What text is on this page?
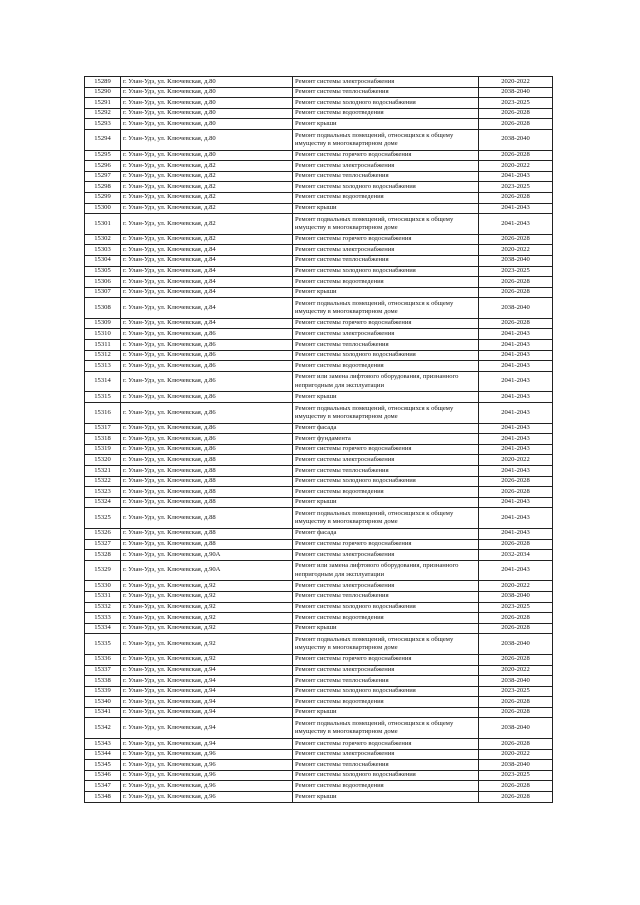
15289	г. Улан-Удэ, ул. Ключевская, д.80	Ремонт системы электроснабжения	2020-2022
15290	г. Улан-Удэ, ул. Ключевская, д.80	Ремонт системы теплоснабжения	2038-2040
15291	г. Улан-Удэ, ул. Ключевская, д.80	Ремонт системы холодного водоснабжения	2023-2025
15292	г. Улан-Удэ, ул. Ключевская, д.80	Ремонт системы водоотведения	2026-2028
15293	г. Улан-Удэ, ул. Ключевская, д.80	Ремонт крыши	2026-2028
15294	г. Улан-Удэ, ул. Ключевская, д.80	Ремонт подвальных помещений, относящихся к общему имуществу в многоквартирном доме	2038-2040
15295	г. Улан-Удэ, ул. Ключевская, д.80	Ремонт системы горячего водоснабжения	2026-2028
15296	г. Улан-Удэ, ул. Ключевская, д.82	Ремонт системы электроснабжения	2020-2022
15297	г. Улан-Удэ, ул. Ключевская, д.82	Ремонт системы теплоснабжения	2041-2043
15298	г. Улан-Удэ, ул. Ключевская, д.82	Ремонт системы холодного водоснабжения	2023-2025
15299	г. Улан-Удэ, ул. Ключевская, д.82	Ремонт системы водоотведения	2026-2028
15300	г. Улан-Удэ, ул. Ключевская, д.82	Ремонт крыши	2041-2043
15301	г. Улан-Удэ, ул. Ключевская, д.82	Ремонт подвальных помещений, относящихся к общему имуществу в многоквартирном доме	2041-2043
15302	г. Улан-Удэ, ул. Ключевская, д.82	Ремонт системы горячего водоснабжения	2026-2028
15303	г. Улан-Удэ, ул. Ключевская, д.84	Ремонт системы электроснабжения	2020-2022
15304	г. Улан-Удэ, ул. Ключевская, д.84	Ремонт системы теплоснабжения	2038-2040
15305	г. Улан-Удэ, ул. Ключевская, д.84	Ремонт системы холодного водоснабжения	2023-2025
15306	г. Улан-Удэ, ул. Ключевская, д.84	Ремонт системы водоотведения	2026-2028
15307	г. Улан-Удэ, ул. Ключевская, д.84	Ремонт крыши	2026-2028
15308	г. Улан-Удэ, ул. Ключевская, д.84	Ремонт подвальных помещений, относящихся к общему имуществу в многоквартирном доме	2038-2040
15309	г. Улан-Удэ, ул. Ключевская, д.84	Ремонт системы горячего водоснабжения	2026-2028
15310	г. Улан-Удэ, ул. Ключевская, д.86	Ремонт системы электроснабжения	2041-2043
15311	г. Улан-Удэ, ул. Ключевская, д.86	Ремонт системы теплоснабжения	2041-2043
15312	г. Улан-Удэ, ул. Ключевская, д.86	Ремонт системы холодного водоснабжения	2041-2043
15313	г. Улан-Удэ, ул. Ключевская, д.86	Ремонт системы водоотведения	2041-2043
15314	г. Улан-Удэ, ул. Ключевская, д.86	Ремонт или замена лифтового оборудования, признанного непригодным для эксплуатации	2041-2043
15315	г. Улан-Удэ, ул. Ключевская, д.86	Ремонт крыши	2041-2043
15316	г. Улан-Удэ, ул. Ключевская, д.86	Ремонт подвальных помещений, относящихся к общему имуществу в многоквартирном доме	2041-2043
15317	г. Улан-Удэ, ул. Ключевская, д.86	Ремонт фасада	2041-2043
15318	г. Улан-Удэ, ул. Ключевская, д.86	Ремонт фундамента	2041-2043
15319	г. Улан-Удэ, ул. Ключевская, д.86	Ремонт системы горячего водоснабжения	2041-2043
15320	г. Улан-Удэ, ул. Ключевская, д.88	Ремонт системы электроснабжения	2020-2022
15321	г. Улан-Удэ, ул. Ключевская, д.88	Ремонт системы теплоснабжения	2041-2043
15322	г. Улан-Удэ, ул. Ключевская, д.88	Ремонт системы холодного водоснабжения	2026-2028
15323	г. Улан-Удэ, ул. Ключевская, д.88	Ремонт системы водоотведения	2026-2028
15324	г. Улан-Удэ, ул. Ключевская, д.88	Ремонт крыши	2041-2043
15325	г. Улан-Удэ, ул. Ключевская, д.88	Ремонт подвальных помещений, относящихся к общему имуществу в многоквартирном доме	2041-2043
15326	г. Улан-Удэ, ул. Ключевская, д.88	Ремонт фасада	2041-2043
15327	г. Улан-Удэ, ул. Ключевская, д.88	Ремонт системы горячего водоснабжения	2026-2028
15328	г. Улан-Удэ, ул. Ключевская, д.90А	Ремонт системы электроснабжения	2032-2034
15329	г. Улан-Удэ, ул. Ключевская, д.90А	Ремонт или замена лифтового оборудования, признанного непригодным для эксплуатации	2041-2043
15330	г. Улан-Удэ, ул. Ключевская, д.92	Ремонт системы электроснабжения	2020-2022
15331	г. Улан-Удэ, ул. Ключевская, д.92	Ремонт системы теплоснабжения	2038-2040
15332	г. Улан-Удэ, ул. Ключевская, д.92	Ремонт системы холодного водоснабжения	2023-2025
15333	г. Улан-Удэ, ул. Ключевская, д.92	Ремонт системы водоотведения	2026-2028
15334	г. Улан-Удэ, ул. Ключевская, д.92	Ремонт крыши	2026-2028
15335	г. Улан-Удэ, ул. Ключевская, д.92	Ремонт подвальных помещений, относящихся к общему имуществу в многоквартирном доме	2038-2040
15336	г. Улан-Удэ, ул. Ключевская, д.92	Ремонт системы горячего водоснабжения	2026-2028
15337	г. Улан-Удэ, ул. Ключевская, д.94	Ремонт системы электроснабжения	2020-2022
15338	г. Улан-Удэ, ул. Ключевская, д.94	Ремонт системы теплоснабжения	2038-2040
15339	г. Улан-Удэ, ул. Ключевская, д.94	Ремонт системы холодного водоснабжения	2023-2025
15340	г. Улан-Удэ, ул. Ключевская, д.94	Ремонт системы водоотведения	2026-2028
15341	г. Улан-Удэ, ул. Ключевская, д.94	Ремонт крыши	2026-2028
15342	г. Улан-Удэ, ул. Ключевская, д.94	Ремонт подвальных помещений, относящихся к общему имуществу в многоквартирном доме	2038-2040
15343	г. Улан-Удэ, ул. Ключевская, д.94	Ремонт системы горячего водоснабжения	2026-2028
15344	г. Улан-Удэ, ул. Ключевская, д.96	Ремонт системы электроснабжения	2020-2022
15345	г. Улан-Удэ, ул. Ключевская, д.96	Ремонт системы теплоснабжения	2038-2040
15346	г. Улан-Удэ, ул. Ключевская, д.96	Ремонт системы холодного водоснабжения	2023-2025
15347	г. Улан-Удэ, ул. Ключевская, д.96	Ремонт системы водоотведения	2026-2028
15348	г. Улан-Удэ, ул. Ключевская, д.96	Ремонт крыши	2026-2028
